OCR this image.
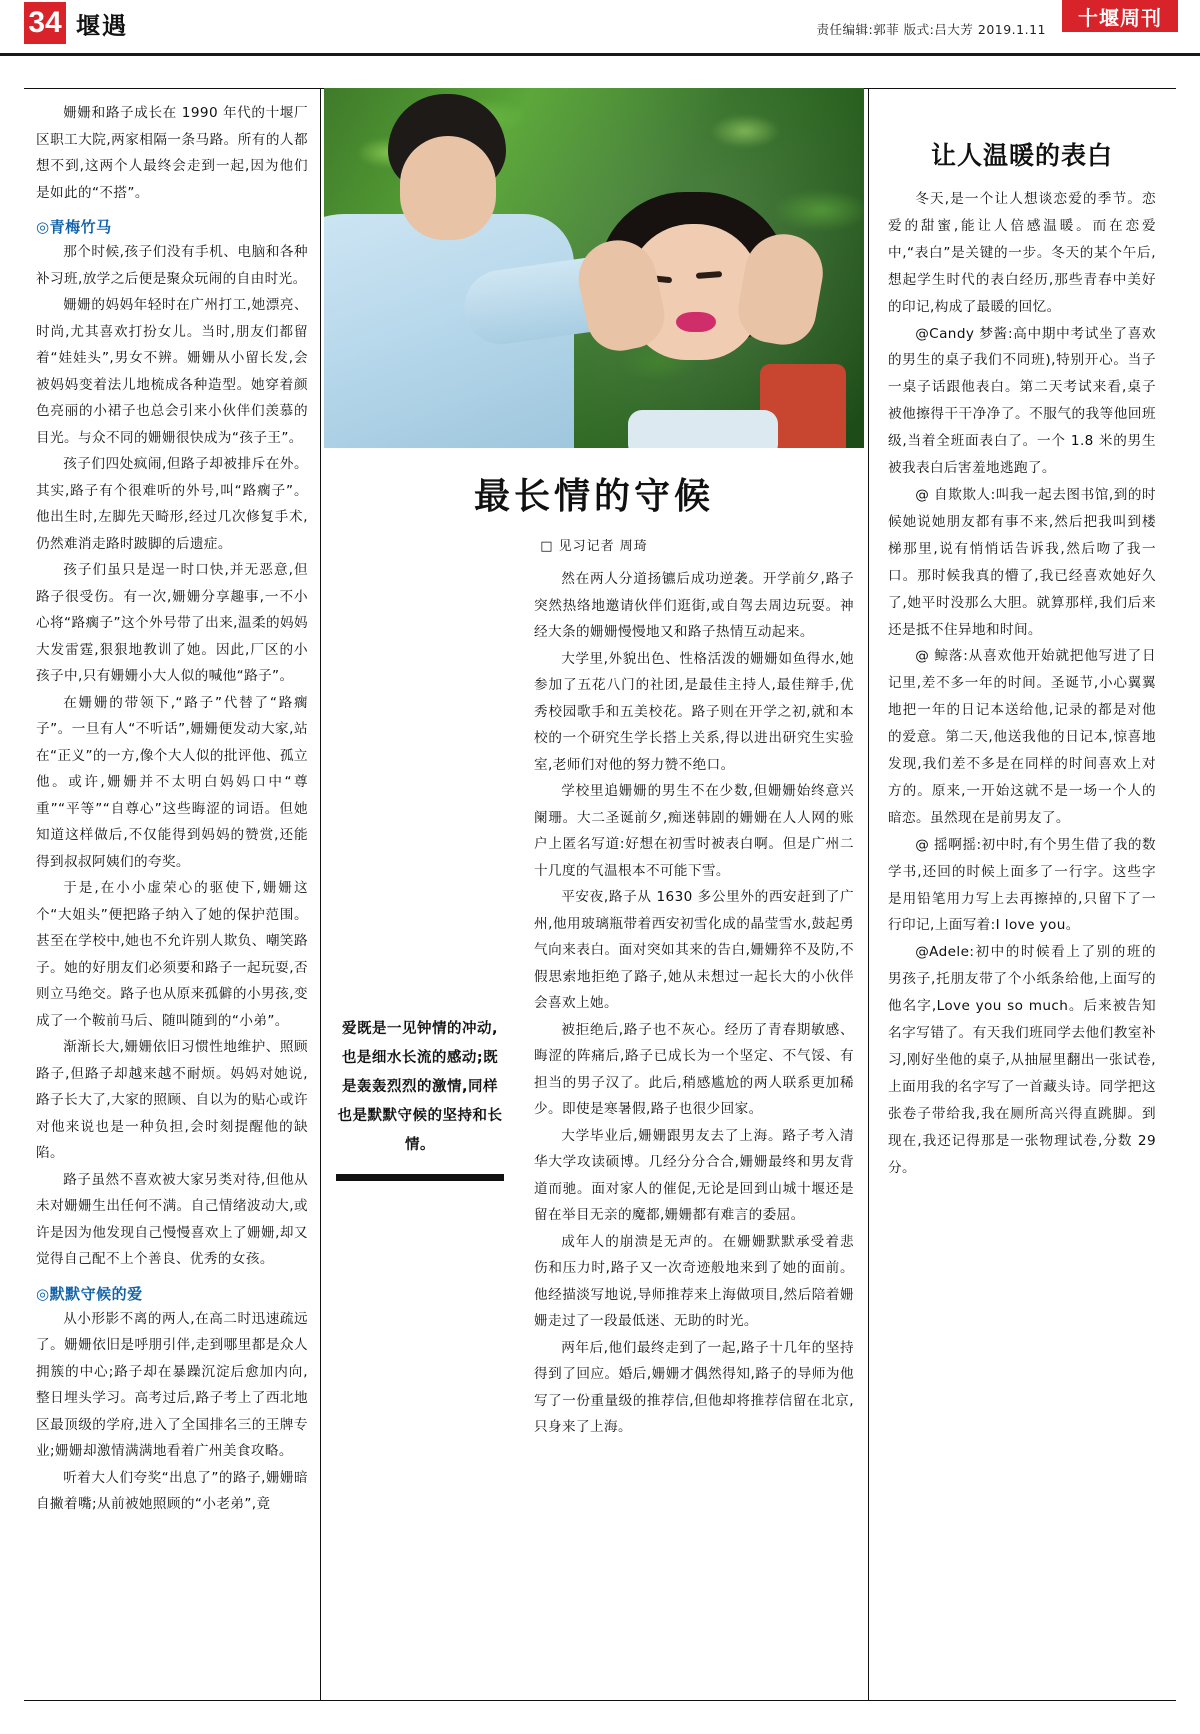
34 堰遇	责任编辑:郭菲 版式:吕大芳 2019.1.11	十堰周刊

姗姗和路子成长在 1990 年代的十堰厂区职工大院,两家相隔一条马路。所有的人都想不到,这两个人最终会走到一起,因为他们是如此的“不搭”。

◎青梅竹马

那个时候,孩子们没有手机、电脑和各种补习班,放学之后便是聚众玩闹的自由时光。

姗姗的妈妈年轻时在广州打工,她漂亮、时尚,尤其喜欢打扮女儿。当时,朋友们都留着“娃娃头”,男女不辨。姗姗从小留长发,会被妈妈变着法儿地梳成各种造型。她穿着颜色亮丽的小裙子也总会引来小伙伴们羡慕的目光。与众不同的姗姗很快成为“孩子王”。

孩子们四处疯闹,但路子却被排斥在外。其实,路子有个很难听的外号,叫“路瘸子”。他出生时,左脚先天畸形,经过几次修复手术,仍然难消走路时跛脚的后遗症。

孩子们虽只是逞一时口快,并无恶意,但路子很受伤。有一次,姗姗分享趣事,一不小心将“路瘸子”这个外号带了出来,温柔的妈妈大发雷霆,狠狠地教训了她。因此,厂区的小孩子中,只有姗姗小大人似的喊他“路子”。

在姗姗的带领下,“路子”代替了“路瘸子”。一旦有人“不听话”,姗姗便发动大家,站在“正义”的一方,像个大人似的批评他、孤立他。或许,姗姗并不太明白妈妈口中“尊重”“平等”“自尊心”这些晦涩的词语。但她知道这样做后,不仅能得到妈妈的赞赏,还能得到叔叔阿姨们的夸奖。

于是,在小小虚荣心的驱使下,姗姗这个“大姐头”便把路子纳入了她的保护范围。甚至在学校中,她也不允许别人欺负、嘲笑路子。她的好朋友们必须要和路子一起玩耍,否则立马绝交。路子也从原来孤僻的小男孩,变成了一个鞍前马后、随叫随到的“小弟”。

渐渐长大,姗姗依旧习惯性地维护、照顾路子,但路子却越来越不耐烦。妈妈对她说,路子长大了,大家的照顾、自以为的贴心或许对他来说也是一种负担,会时刻提醒他的缺陷。

路子虽然不喜欢被大家另类对待,但他从未对姗姗生出任何不满。自己情绪波动大,或许是因为他发现自己慢慢喜欢上了姗姗,却又觉得自己配不上个善良、优秀的女孩。

◎默默守候的爱

从小形影不离的两人,在高二时迅速疏远了。姗姗依旧是呼朋引伴,走到哪里都是众人拥簇的中心;路子却在暴躁沉淀后愈加内向,整日埋头学习。高考过后,路子考上了西北地区最顶级的学府,进入了全国排名三的王牌专业;姗姗却激情满满地看着广州美食攻略。

听着大人们夸奖“出息了”的路子,姗姗暗自撇着嘴;从前被她照顾的“小老弟”,竟

最长情的守候
□ 见习记者 周琦

然在两人分道扬镳后成功逆袭。开学前夕,路子突然热络地邀请伙伴们逛街,或自驾去周边玩耍。神经大条的姗姗慢慢地又和路子热情互动起来。

大学里,外貌出色、性格活泼的姗姗如鱼得水,她参加了五花八门的社团,是最佳主持人,最佳辩手,优秀校园歌手和五美校花。路子则在开学之初,就和本校的一个研究生学长搭上关系,得以进出研究生实验室,老师们对他的努力赞不绝口。

学校里追姗姗的男生不在少数,但姗姗始终意兴阑珊。大二圣诞前夕,痴迷韩剧的姗姗在人人网的账户上匿名写道:好想在初雪时被表白啊。但是广州二十几度的气温根本不可能下雪。

平安夜,路子从 1630 多公里外的西安赶到了广州,他用玻璃瓶带着西安初雪化成的晶莹雪水,鼓起勇气向来表白。面对突如其来的告白,姗姗猝不及防,不假思索地拒绝了路子,她从未想过一起长大的小伙伴会喜欢上她。

被拒绝后,路子也不灰心。经历了青春期敏感、晦涩的阵痛后,路子已成长为一个坚定、不气馁、有担当的男子汉了。此后,稍感尴尬的两人联系更加稀少。即使是寒暑假,路子也很少回家。

大学毕业后,姗姗跟男友去了上海。路子考入清华大学攻读硕博。几经分分合合,姗姗最终和男友背道而驰。面对家人的催促,无论是回到山城十堰还是留在举目无亲的魔都,姗姗都有难言的委屈。

成年人的崩溃是无声的。在姗姗默默承受着悲伤和压力时,路子又一次奇迹般地来到了她的面前。他经描淡写地说,导师推荐来上海做项目,然后陪着姗姗走过了一段最低迷、无助的时光。

两年后,他们最终走到了一起,路子十几年的坚持得到了回应。婚后,姗姗才偶然得知,路子的导师为他写了一份重量级的推荐信,但他却将推荐信留在北京,只身来了上海。

爱既是一见钟情的冲动,也是细水长流的感动;既是轰轰烈烈的激情,同样也是默默守候的坚持和长情。
让人温暖的表白

冬天,是一个让人想谈恋爱的季节。恋爱的甜蜜,能让人倍感温暖。而在恋爱中,“表白”是关键的一步。冬天的某个午后,想起学生时代的表白经历,那些青春中美好的印记,构成了最暖的回忆。

@Candy 梦酱:高中期中考试坐了喜欢的男生的桌子我们不同班),特别开心。当子一桌子话跟他表白。第二天考试来看,桌子被他擦得干干净净了。不服气的我等他回班级,当着全班面表白了。一个 1.8 米的男生被我表白后害羞地逃跑了。

@ 自欺欺人:叫我一起去图书馆,到的时候她说她朋友都有事不来,然后把我叫到楼梯那里,说有悄悄话告诉我,然后吻了我一口。那时候我真的懵了,我已经喜欢她好久了,她平时没那么大胆。就算那样,我们后来还是抵不住异地和时间。

@ 鲸落:从喜欢他开始就把他写进了日记里,差不多一年的时间。圣诞节,小心翼翼地把一年的日记本送给他,记录的都是对他的爱意。第二天,他送我他的日记本,惊喜地发现,我们差不多是在同样的时间喜欢上对方的。原来,一开始这就不是一场一个人的暗恋。虽然现在是前男友了。

@ 摇啊摇:初中时,有个男生借了我的数学书,还回的时候上面多了一行字。这些字是用铅笔用力写上去再擦掉的,只留下了一行印记,上面写着:I love you。

@Adele:初中的时候看上了别的班的男孩子,托朋友带了个小纸条给他,上面写的他名字,Love you so much。后来被告知名字写错了。有天我们班同学去他们教室补习,刚好坐他的桌子,从抽屉里翻出一张试卷,上面用我的名字写了一首藏头诗。同学把这张卷子带给我,我在厕所高兴得直跳脚。到现在,我还记得那是一张物理试卷,分数 29 分。
